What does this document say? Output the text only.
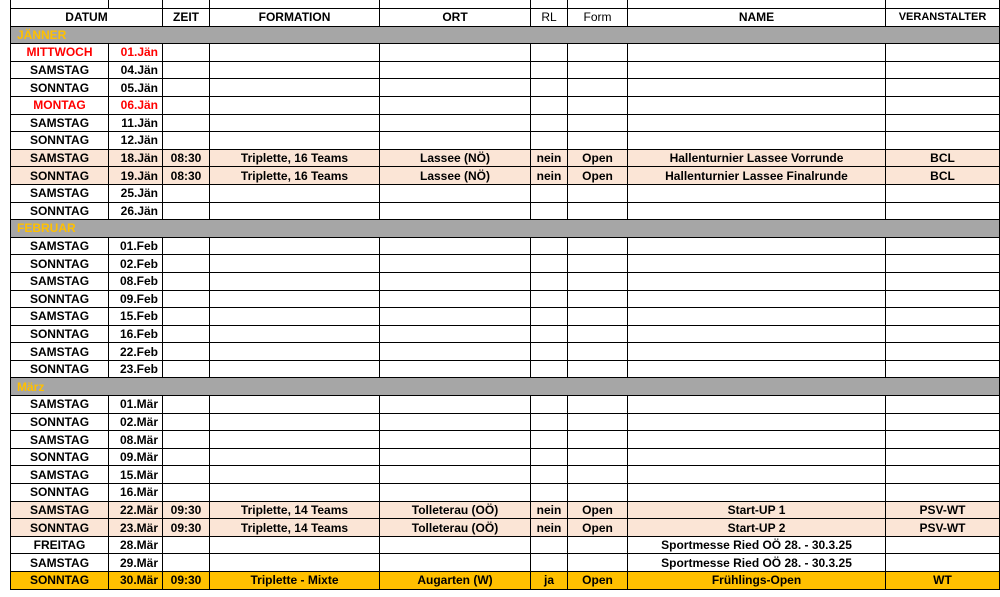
DATUM		ZEIT	FORMATION	ORT	RL	Form	NAME	VERANSTALTER
JÄNNER								
MITTWOCH	01.Jän							
SAMSTAG	04.Jän							
SONNTAG	05.Jän							
MONTAG	06.Jän							
SAMSTAG	11.Jän							
SONNTAG	12.Jän							
SAMSTAG	18.Jän	08:30	Triplette, 16 Teams	Lassee (NÖ)	nein	Open	Hallenturnier Lassee Vorrunde	BCL
SONNTAG	19.Jän	08:30	Triplette, 16 Teams	Lassee (NÖ)	nein	Open	Hallenturnier Lassee Finalrunde	BCL
SAMSTAG	25.Jän							
SONNTAG	26.Jän							
FEBRUAR								
SAMSTAG	01.Feb							
SONNTAG	02.Feb							
SAMSTAG	08.Feb							
SONNTAG	09.Feb							
SAMSTAG	15.Feb							
SONNTAG	16.Feb							
SAMSTAG	22.Feb							
SONNTAG	23.Feb							
März								
SAMSTAG	01.Mär							
SONNTAG	02.Mär							
SAMSTAG	08.Mär							
SONNTAG	09.Mär							
SAMSTAG	15.Mär							
SONNTAG	16.Mär							
SAMSTAG	22.Mär	09:30	Triplette, 14 Teams	Tolleterau (OÖ)	nein	Open	Start-UP 1	PSV-WT
SONNTAG	23.Mär	09:30	Triplette, 14 Teams	Tolleterau (OÖ)	nein	Open	Start-UP 2	PSV-WT
FREITAG	28.Mär						Sportmesse Ried OÖ 28. - 30.3.25	
SAMSTAG	29.Mär						Sportmesse Ried OÖ 28. - 30.3.25	
SONNTAG	30.Mär	09:30	Triplette - Mixte	Augarten (W)	ja	Open	Frühlings-Open	WT
